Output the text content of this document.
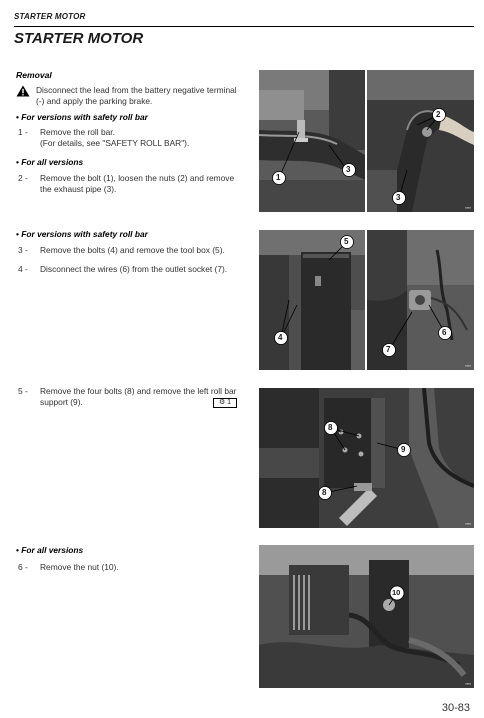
STARTER MOTOR
STARTER MOTOR
Removal
Disconnect the lead from the battery negative terminal
(-) and apply the parking brake.
• For versions with safety roll bar
1 - Remove the roll bar.
(For details, see "SAFETY ROLL BAR").
• For all versions
2 - Remove the bolt (1), loosen the nuts (2) and remove
the exhaust pipe (3).
• For versions with safety roll bar
3 - Remove the bolts (4) and remove the tool box (5).
4 - Disconnect the wires (6) from the outlet socket (7).
5 - Remove the four bolts (8) and remove the left roll bar
support (9).	⚙ 1
• For all versions
6 - Remove the nut (10).
1
3
2
3
▪▪▪▪
5
4
6
7
▪▪▪▪
8
9
8
▪▪▪▪
10
▪▪▪▪
30-83
